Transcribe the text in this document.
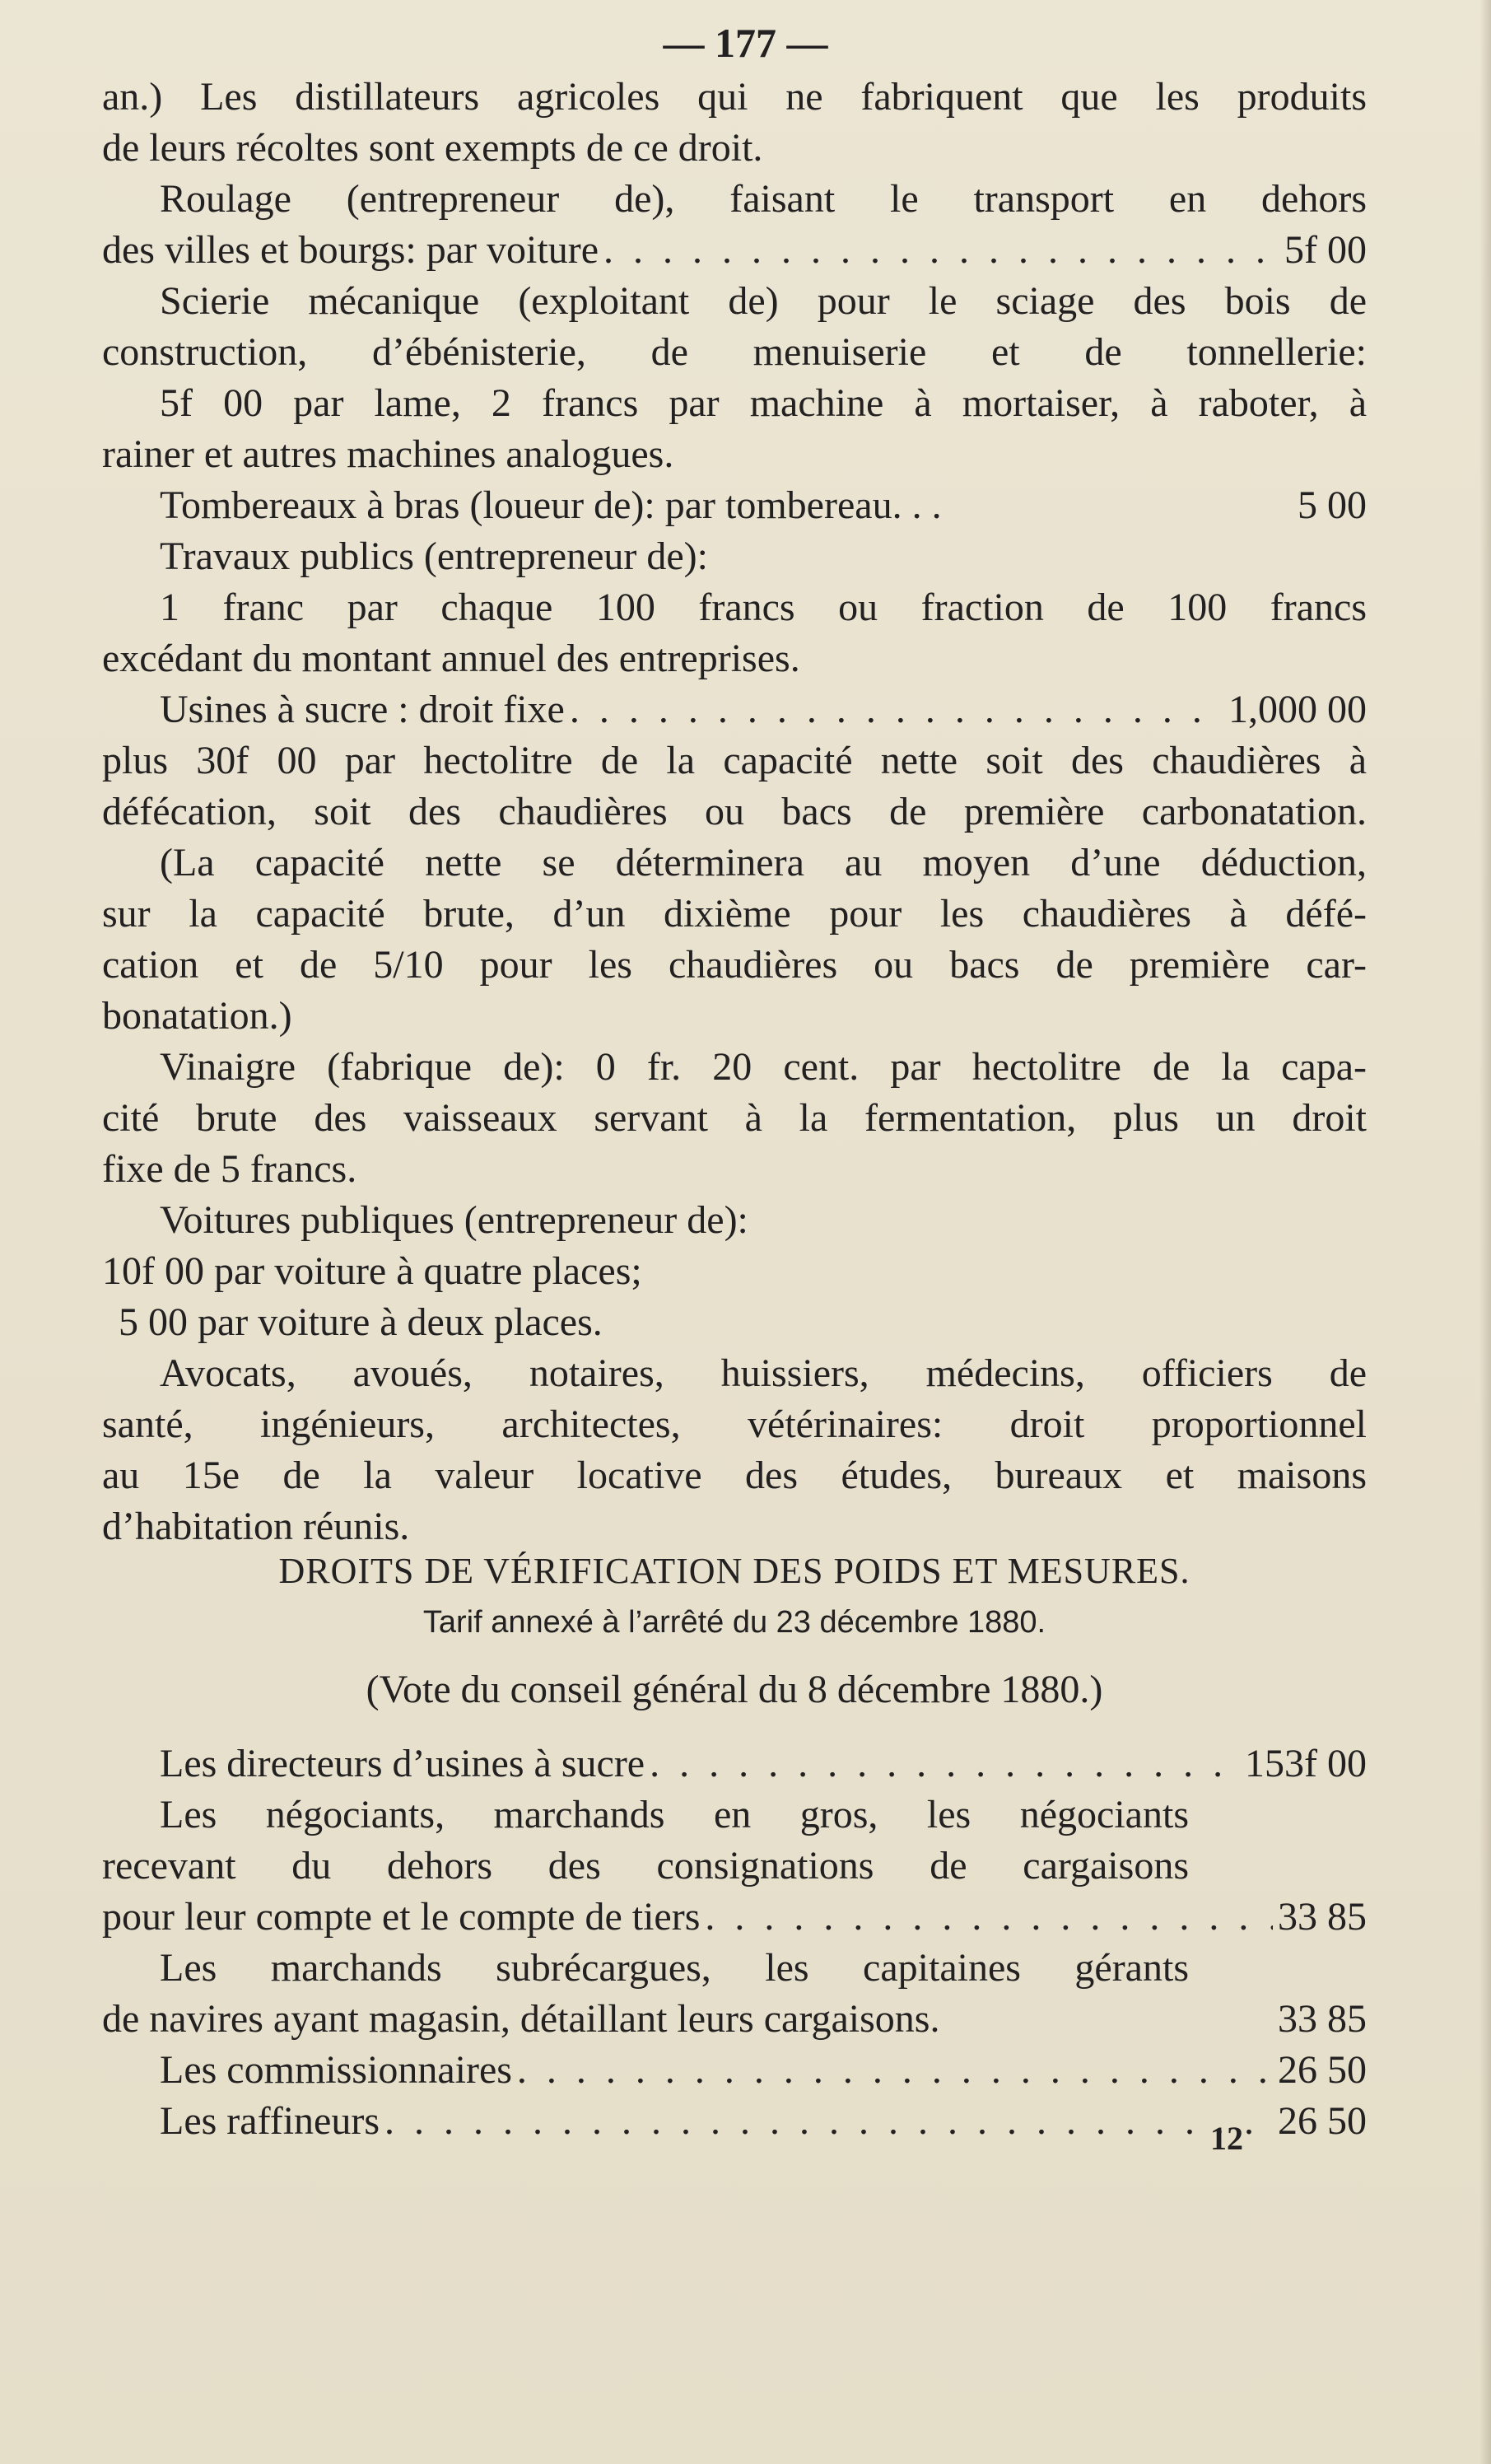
— 177 —
an.) Les distillateurs agricoles qui ne fabriquent que les produits
de leurs récoltes sont exempts de ce droit.
Roulage (entrepreneur de), faisant le transport en dehors
des villes et bourgs: par voiture . . .	5f 00
Scierie mécanique (exploitant de) pour le sciage des bois de
construction, d’ébénisterie, de menuiserie et de tonnellerie:
5f 00 par lame, 2 francs par machine à mortaiser, à raboter, à
rainer et autres machines analogues.
Tombereaux à bras (loueur de): par tombereau. . .	5 00
Travaux publics (entrepreneur de):
1 franc par chaque 100 francs ou fraction de 100 francs
excédant du montant annuel des entreprises.
Usines à sucre : droit fixe . . .	1,000 00
plus 30f 00 par hectolitre de la capacité nette soit des chaudières à
défécation, soit des chaudières ou bacs de première carbonatation.
(La capacité nette se déterminera au moyen d’une déduction,
sur la capacité brute, d’un dixième pour les chaudières à défé-
cation et de 5/10 pour les chaudières ou bacs de première car-
bonatation.)
Vinaigre (fabrique de): 0 fr. 20 cent. par hectolitre de la capa-
cité brute des vaisseaux servant à la fermentation, plus un droit
fixe de 5 francs.
Voitures publiques (entrepreneur de):
10f 00 par voiture à quatre places;
5 00 par voiture à deux places.
Avocats, avoués, notaires, huissiers, médecins, officiers de
santé, ingénieurs, architectes, vétérinaires: droit proportionnel
au 15e de la valeur locative des études, bureaux et maisons
d’habitation réunis.
DROITS DE VÉRIFICATION DES POIDS ET MESURES.
Tarif annexé à l’arrêté du 23 décembre 1880.
(Vote du conseil général du 8 décembre 1880.)
Les directeurs d’usines à sucre . . .	153f 00
Les négociants, marchands en gros, les négociants
recevant du dehors des consignations de cargaisons
pour leur compte et le compte de tiers . . .	33 85
Les marchands subrécargues, les capitaines gérants
de navires ayant magasin, détaillant leurs cargaisons.	33 85
Les commissionnaires . . .	26 50
Les raffineurs . . .	26 50
12
